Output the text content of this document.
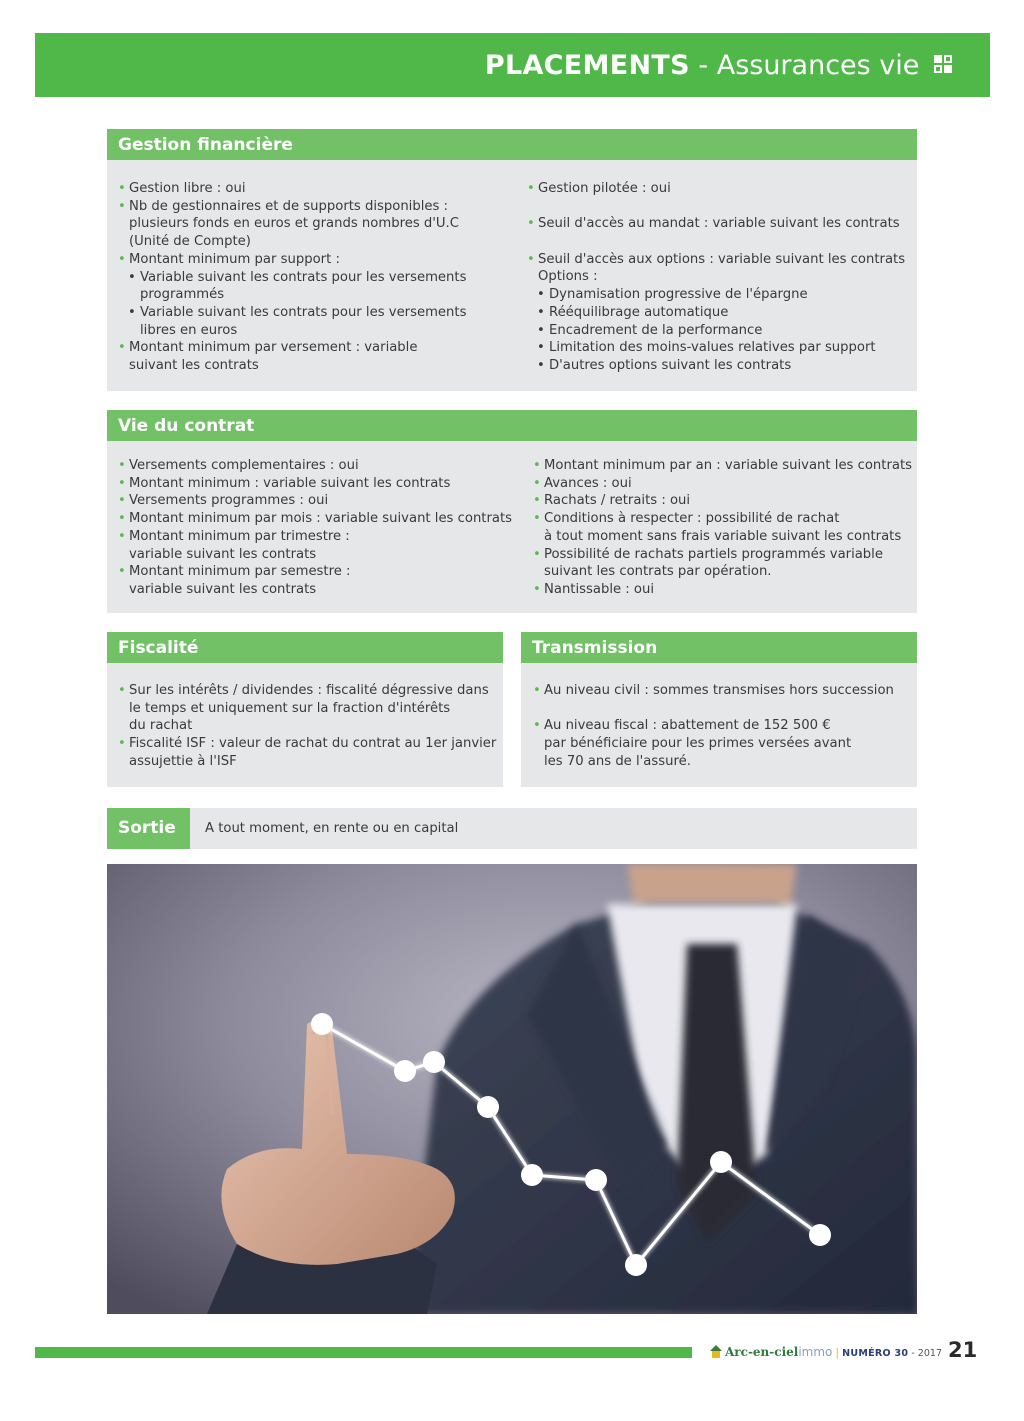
PLACEMENTS - Assurances vie
Gestion financière
• Gestion libre : oui
• Nb de gestionnaires et de supports disponibles :
plusieurs fonds en euros et grands nombres d'U.C
(Unité de Compte)
• Montant minimum par support :
• Variable suivant les contrats pour les versements
programmés
• Variable suivant les contrats pour les versements
libres en euros
• Montant minimum par versement : variable
suivant les contrats
• Gestion pilotée : oui
• Seuil d'accès au mandat : variable suivant les contrats
• Seuil d'accès aux options : variable suivant les contrats
Options :
• Dynamisation progressive de l'épargne
• Rééquilibrage automatique
• Encadrement de la performance
• Limitation des moins-values relatives par support
• D'autres options suivant les contrats
Vie du contrat
• Versements complementaires : oui
• Montant minimum : variable suivant les contrats
• Versements programmes : oui
• Montant minimum par mois : variable suivant les contrats
• Montant minimum par trimestre :
variable suivant les contrats
• Montant minimum par semestre :
variable suivant les contrats
• Montant minimum par an : variable suivant les contrats
• Avances : oui
• Rachats / retraits : oui
• Conditions à respecter : possibilité de rachat
à tout moment sans frais variable suivant les contrats
• Possibilité de rachats partiels programmés variable
suivant les contrats par opération.
• Nantissable : oui
Fiscalité
• Sur les intérêts / dividendes : fiscalité dégressive dans
le temps et uniquement sur la fraction d'intérêts
du rachat
• Fiscalité ISF : valeur de rachat du contrat au 1er janvier
assujettie à l'ISF
Transmission
• Au niveau civil : sommes transmises hors succession
• Au niveau fiscal : abattement de 152 500 €
par bénéficiaire pour les primes versées avant
les 70 ans de l'assuré.
Sortie	A tout moment, en rente ou en capital
Arc-en-cielimmo | NUMÉRO 30 - 2017 21
